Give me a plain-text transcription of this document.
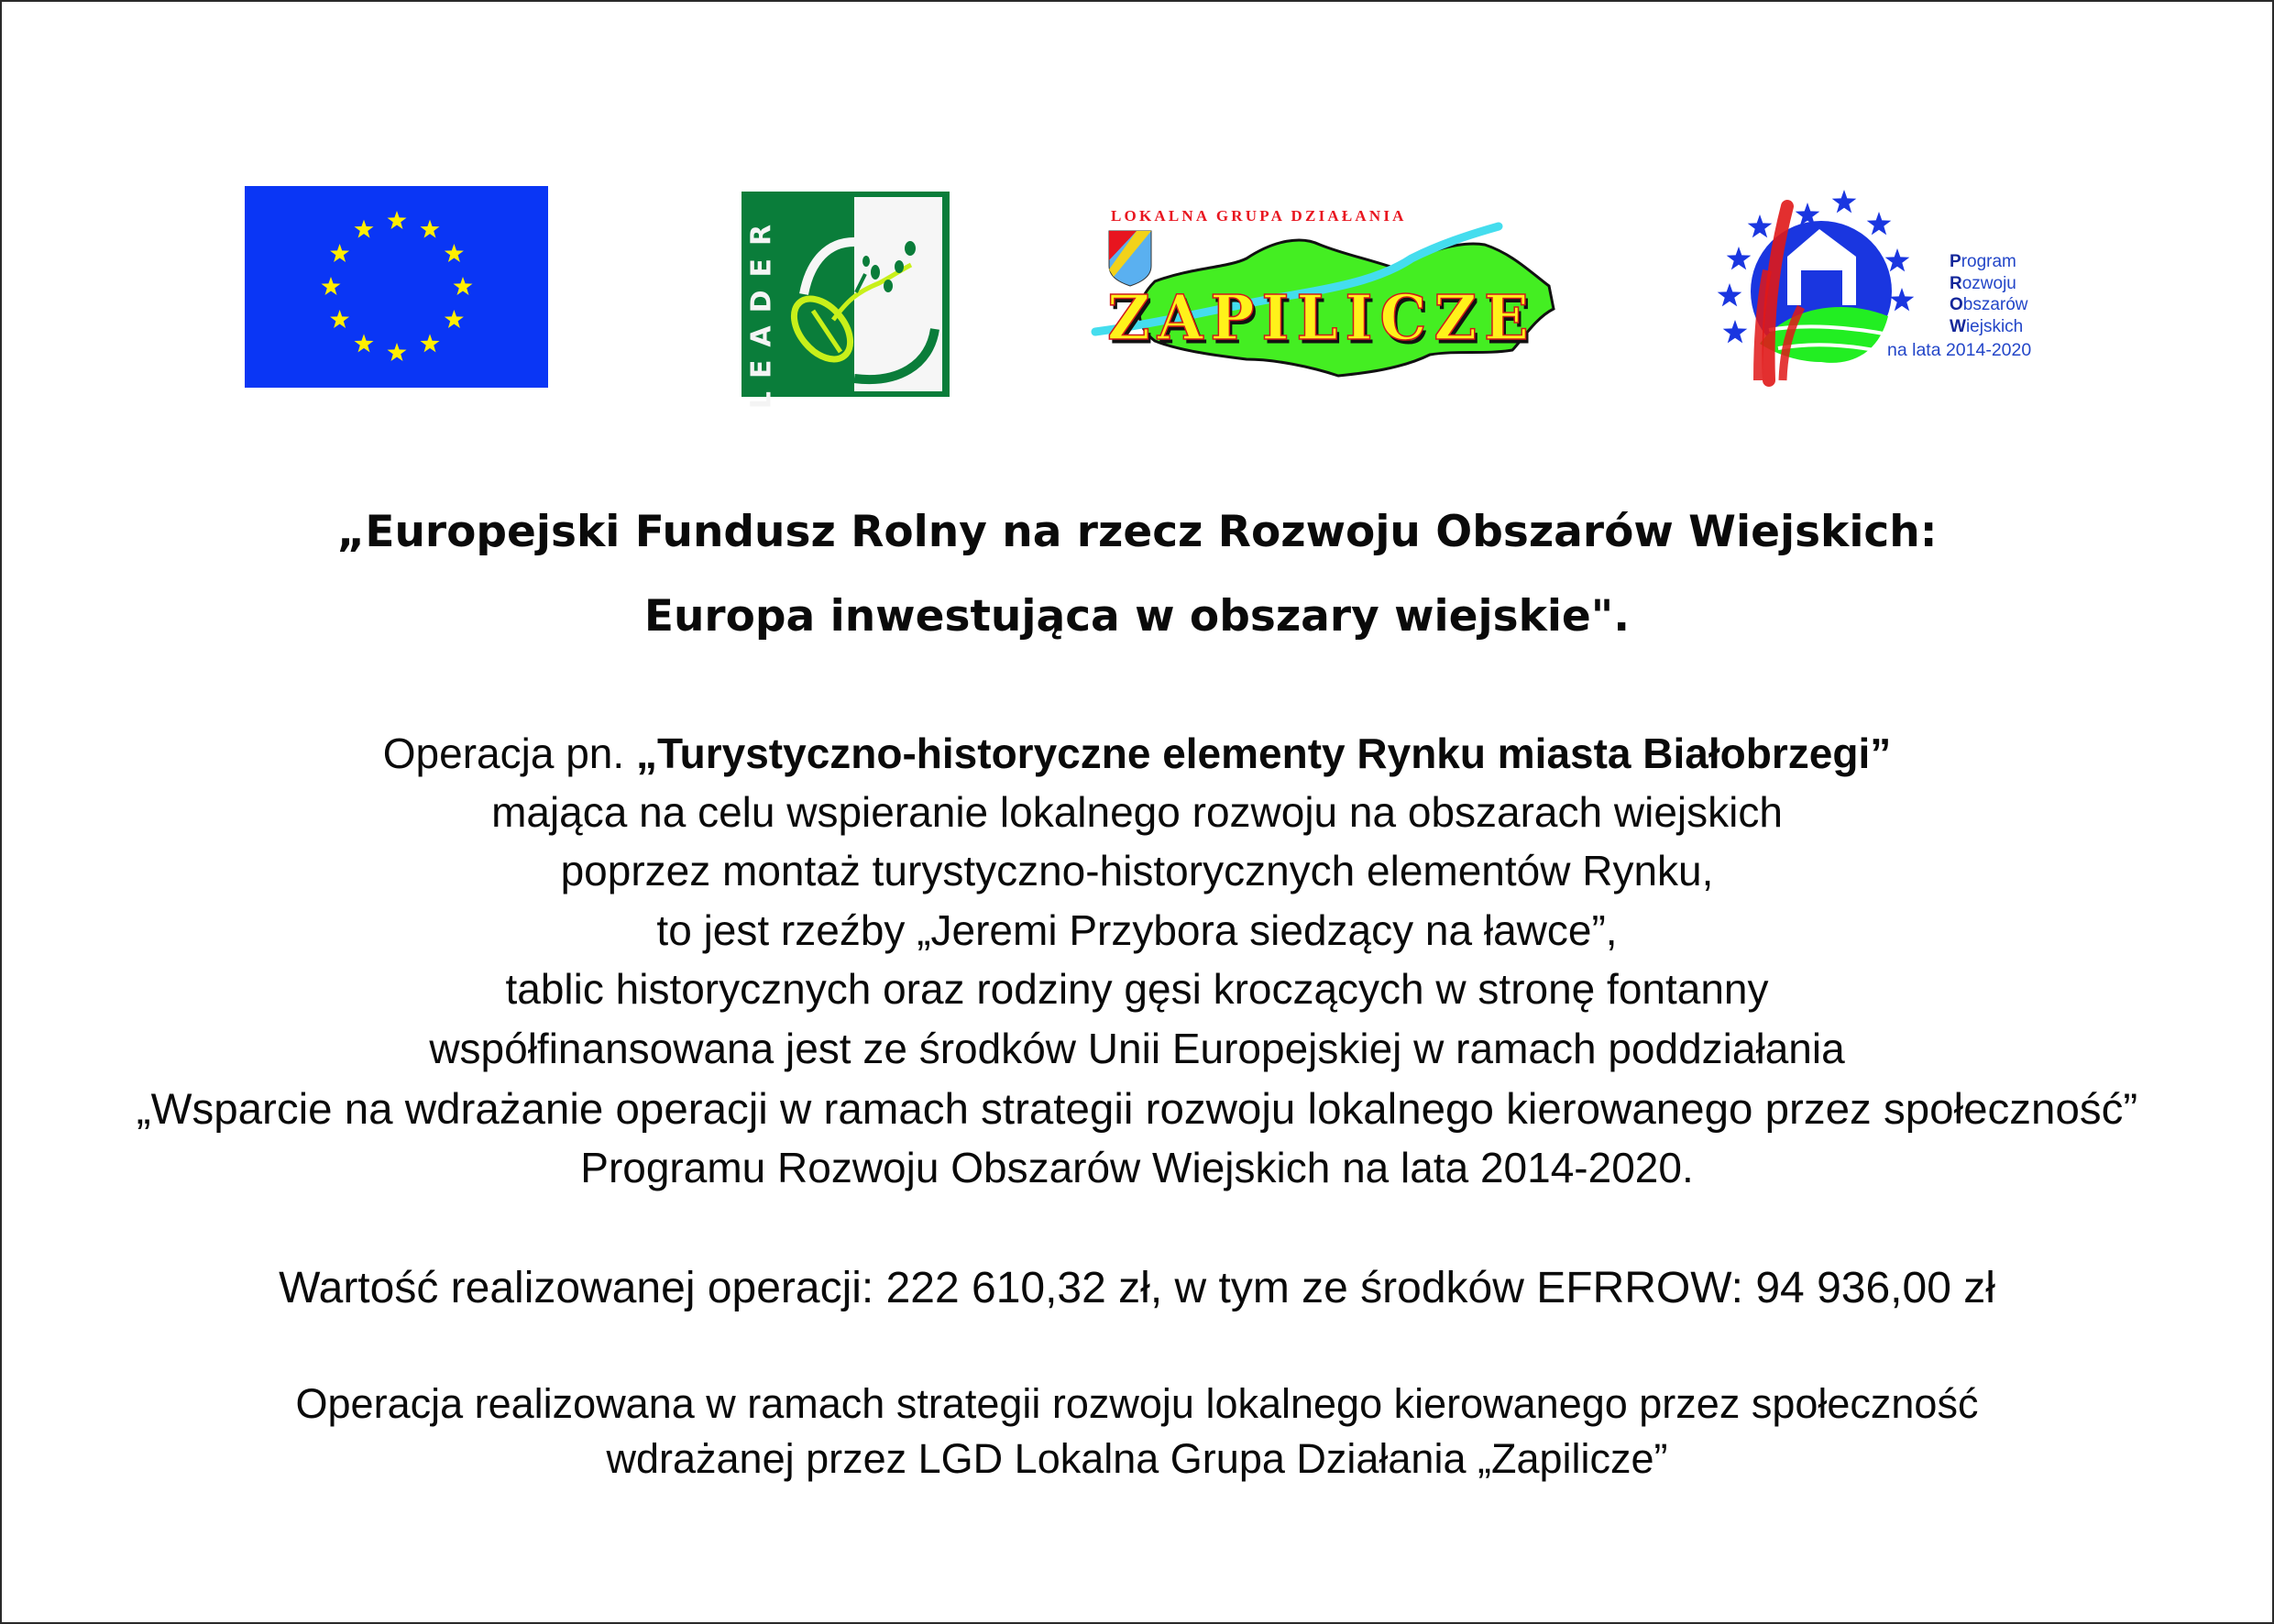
LEADER	LOKALNA GRUPA DZIAŁANIA
ZAPILICZE
Program
Rozwoju
Obszarów
Wiejskich
na lata 2014-2020
„Europejski Fundusz Rolny na rzecz Rozwoju Obszarów Wiejskich:
Europa inwestująca w obszary wiejskie".
Operacja pn. „Turystyczno-historyczne elementy Rynku miasta Białobrzegi”
mająca na celu wspieranie lokalnego rozwoju na obszarach wiejskich
poprzez montaż turystyczno-historycznych elementów Rynku,
to jest rzeźby „Jeremi Przybora siedzący na ławce”,
tablic historycznych oraz rodziny gęsi kroczących w stronę fontanny
współfinansowana jest ze środków Unii Europejskiej w ramach poddziałania
„Wsparcie na wdrażanie operacji w ramach strategii rozwoju lokalnego kierowanego przez społeczność”
Programu Rozwoju Obszarów Wiejskich na lata 2014-2020.
Wartość realizowanej operacji: 222 610,32 zł, w tym ze środków EFRROW: 94 936,00 zł
Operacja realizowana w ramach strategii rozwoju lokalnego kierowanego przez społeczność
wdrażanej przez LGD Lokalna Grupa Działania „Zapilicze”
